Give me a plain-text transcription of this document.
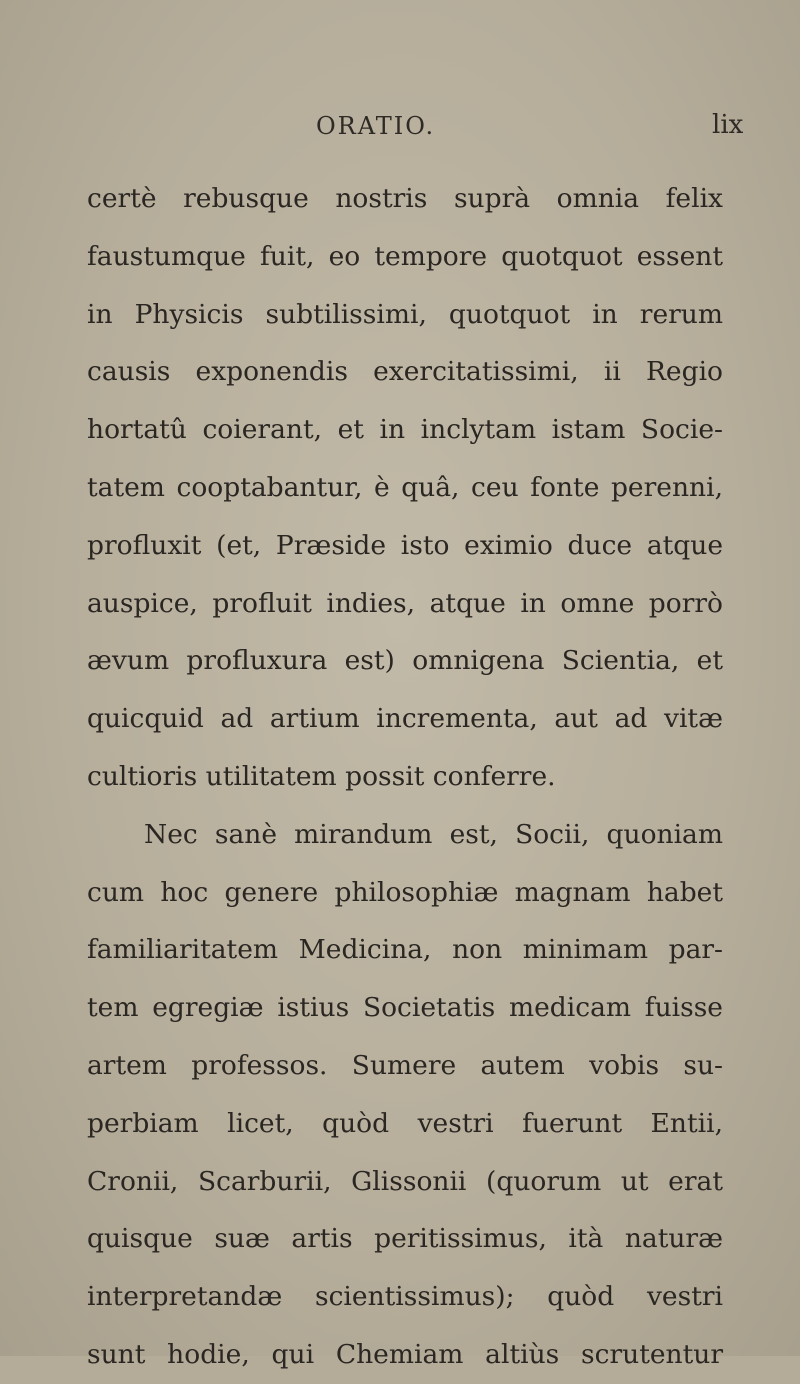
ORATIO.	lix
certè rebusque nostris suprà omnia felix
faustumque fuit, eo tempore quotquot essent
in Physicis subtilissimi, quotquot in rerum
causis exponendis exercitatissimi, ii Regio
hortatû coierant, et in inclytam istam Socie-
tatem cooptabantur, è quâ, ceu fonte perenni,
profluxit (et, Præside isto eximio duce atque
auspice, profluit indies, atque in omne porrò
ævum profluxura est) omnigena Scientia, et
quicquid ad artium incrementa, aut ad vitæ
cultioris utilitatem possit conferre.
Nec sanè mirandum est, Socii, quoniam
cum hoc genere philosophiæ magnam habet
familiaritatem Medicina, non minimam par-
tem egregiæ istius Societatis medicam fuisse
artem professos. Sumere autem vobis su-
perbiam licet, quòd vestri fuerunt Entii,
Cronii, Scarburii, Glissonii (quorum ut erat
quisque suæ artis peritissimus, ità naturæ
interpretandæ scientissimus); quòd vestri
sunt hodie, qui Chemiam altiùs scrutentur
